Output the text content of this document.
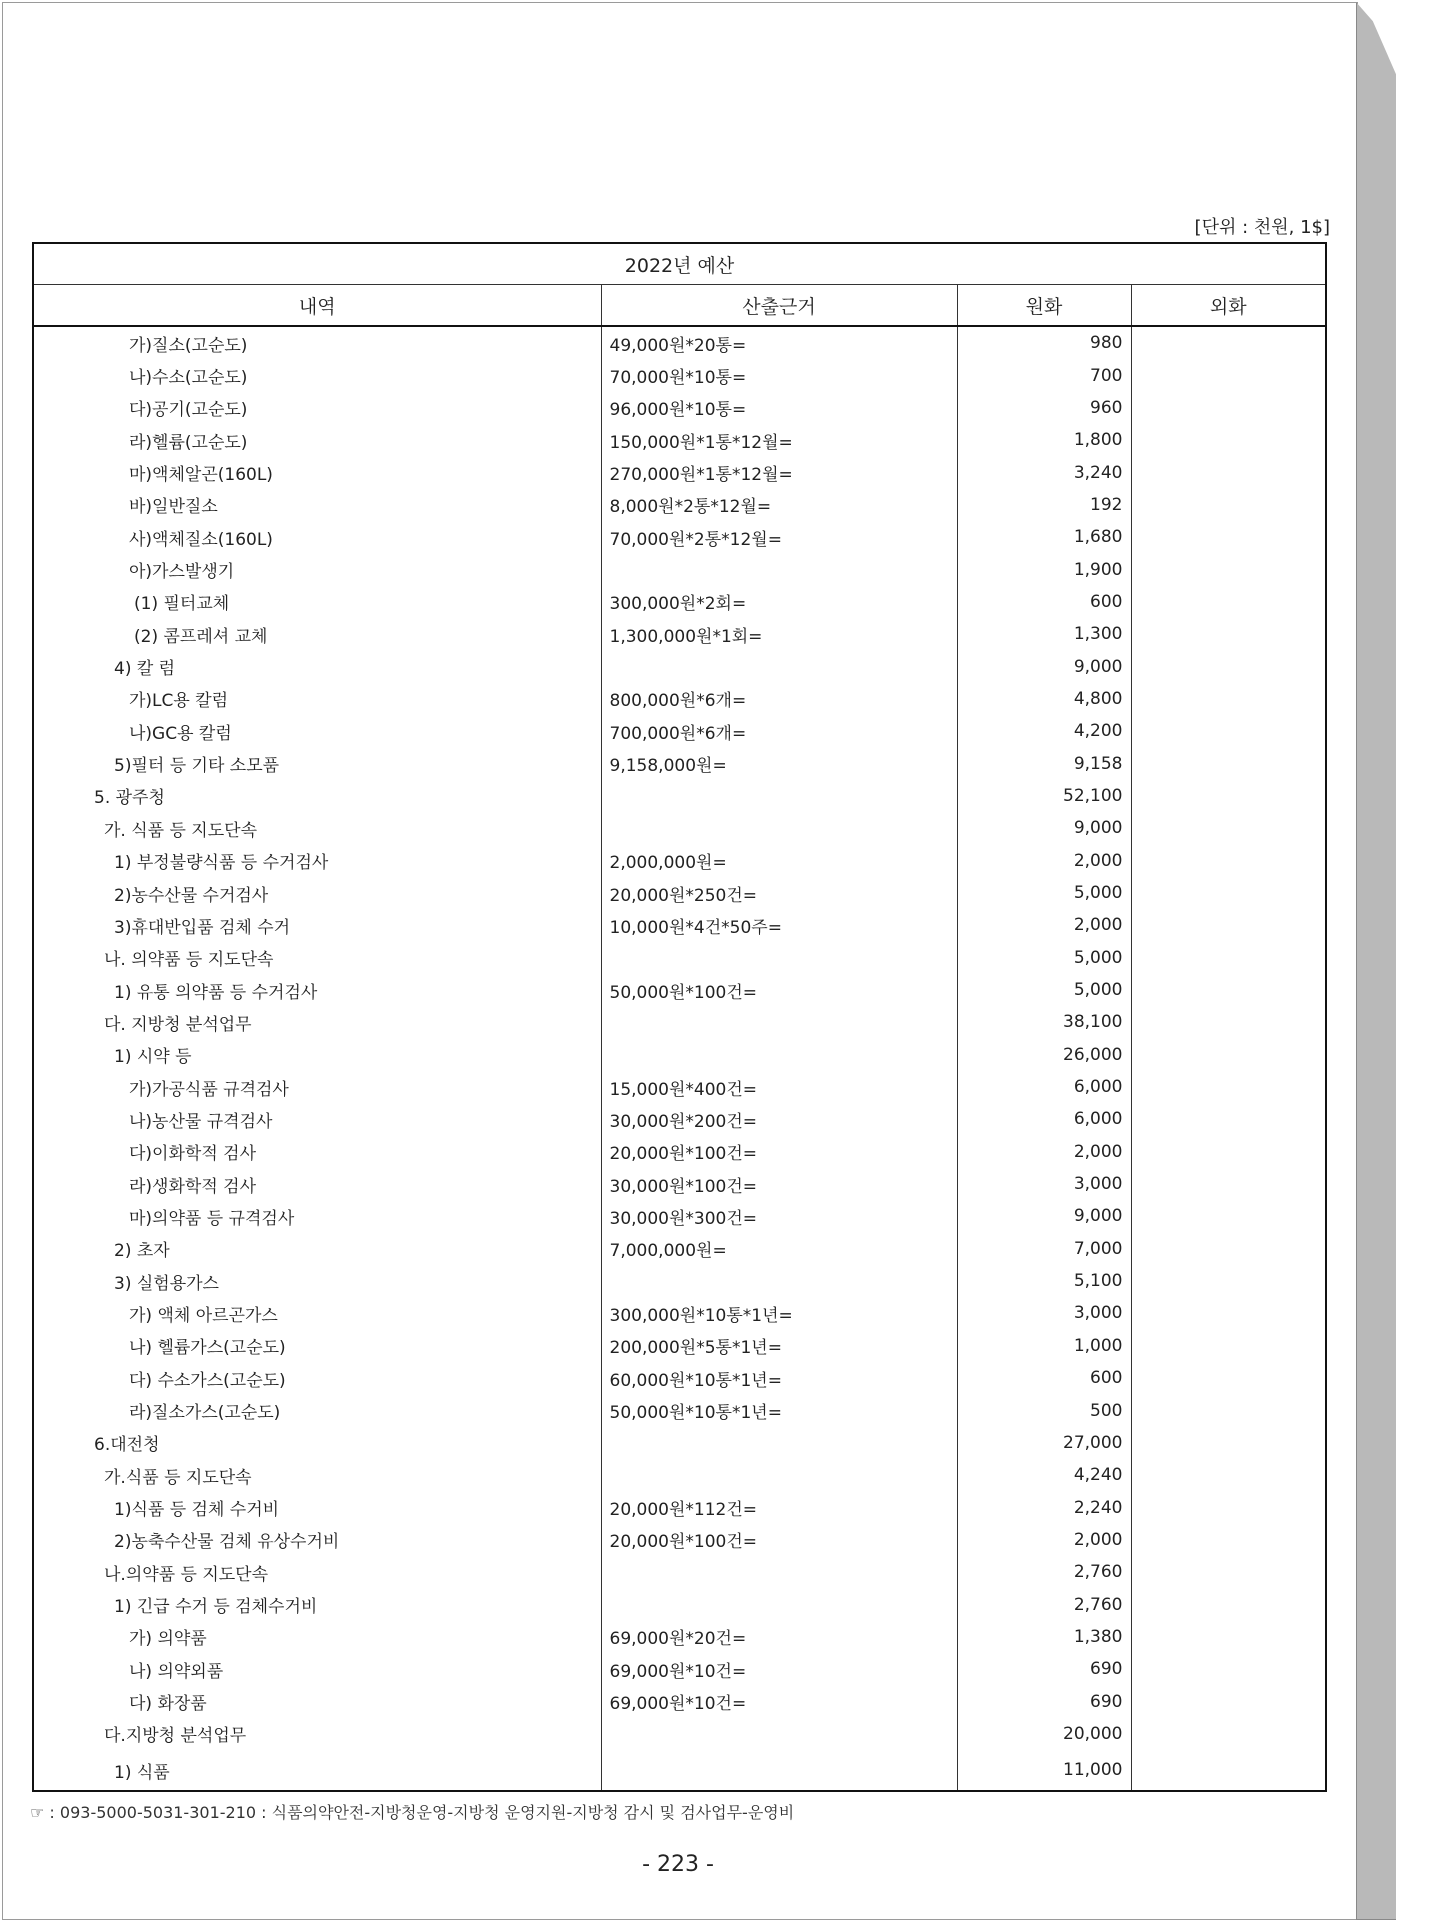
[단위 : 천원, 1$]
2022년 예산			
내역	산출근거	원화	외화
가)질소(고순도)	49,000원*20통=	980	
나)수소(고순도)	70,000원*10통=	700	
다)공기(고순도)	96,000원*10통=	960	
라)헬륨(고순도)	150,000원*1통*12월=	1,800	
마)액체알곤(160L)	270,000원*1통*12월=	3,240	
바)일반질소	8,000원*2통*12월=	192	
사)액체질소(160L)	70,000원*2통*12월=	1,680	
아)가스발생기		1,900	
(1) 필터교체	300,000원*2회=	600	
(2) 콤프레셔 교체	1,300,000원*1회=	1,300	
4) 칼 럼		9,000	
가)LC용 칼럼	800,000원*6개=	4,800	
나)GC용 칼럼	700,000원*6개=	4,200	
5)필터 등 기타 소모품	9,158,000원=	9,158	
5. 광주청		52,100	
가. 식품 등 지도단속		9,000	
1) 부정불량식품 등 수거검사	2,000,000원=	2,000	
2)농수산물 수거검사	20,000원*250건=	5,000	
3)휴대반입품 검체 수거	10,000원*4건*50주=	2,000	
나. 의약품 등 지도단속		5,000	
1) 유통 의약품 등 수거검사	50,000원*100건=	5,000	
다. 지방청 분석업무		38,100	
1) 시약 등		26,000	
가)가공식품 규격검사	15,000원*400건=	6,000	
나)농산물 규격검사	30,000원*200건=	6,000	
다)이화학적 검사	20,000원*100건=	2,000	
라)생화학적 검사	30,000원*100건=	3,000	
마)의약품 등 규격검사	30,000원*300건=	9,000	
2) 초자	7,000,000원=	7,000	
3) 실험용가스		5,100	
가) 액체 아르곤가스	300,000원*10통*1년=	3,000	
나) 헬륨가스(고순도)	200,000원*5통*1년=	1,000	
다) 수소가스(고순도)	60,000원*10통*1년=	600	
라)질소가스(고순도)	50,000원*10통*1년=	500	
6.대전청		27,000	
가.식품 등 지도단속		4,240	
1)식품 등 검체 수거비	20,000원*112건=	2,240	
2)농축수산물 검체 유상수거비	20,000원*100건=	2,000	
나.의약품 등 지도단속		2,760	
1) 긴급 수거 등 검체수거비		2,760	
가) 의약품	69,000원*20건=	1,380	
나) 의약외품	69,000원*10건=	690	
다) 화장품	69,000원*10건=	690	
다.지방청 분석업무		20,000	
1) 식품		11,000	
☞ : 093-5000-5031-301-210 : 식품의약안전-지방청운영-지방청 운영지원-지방청 감시 및 검사업무-운영비
- 223 -
